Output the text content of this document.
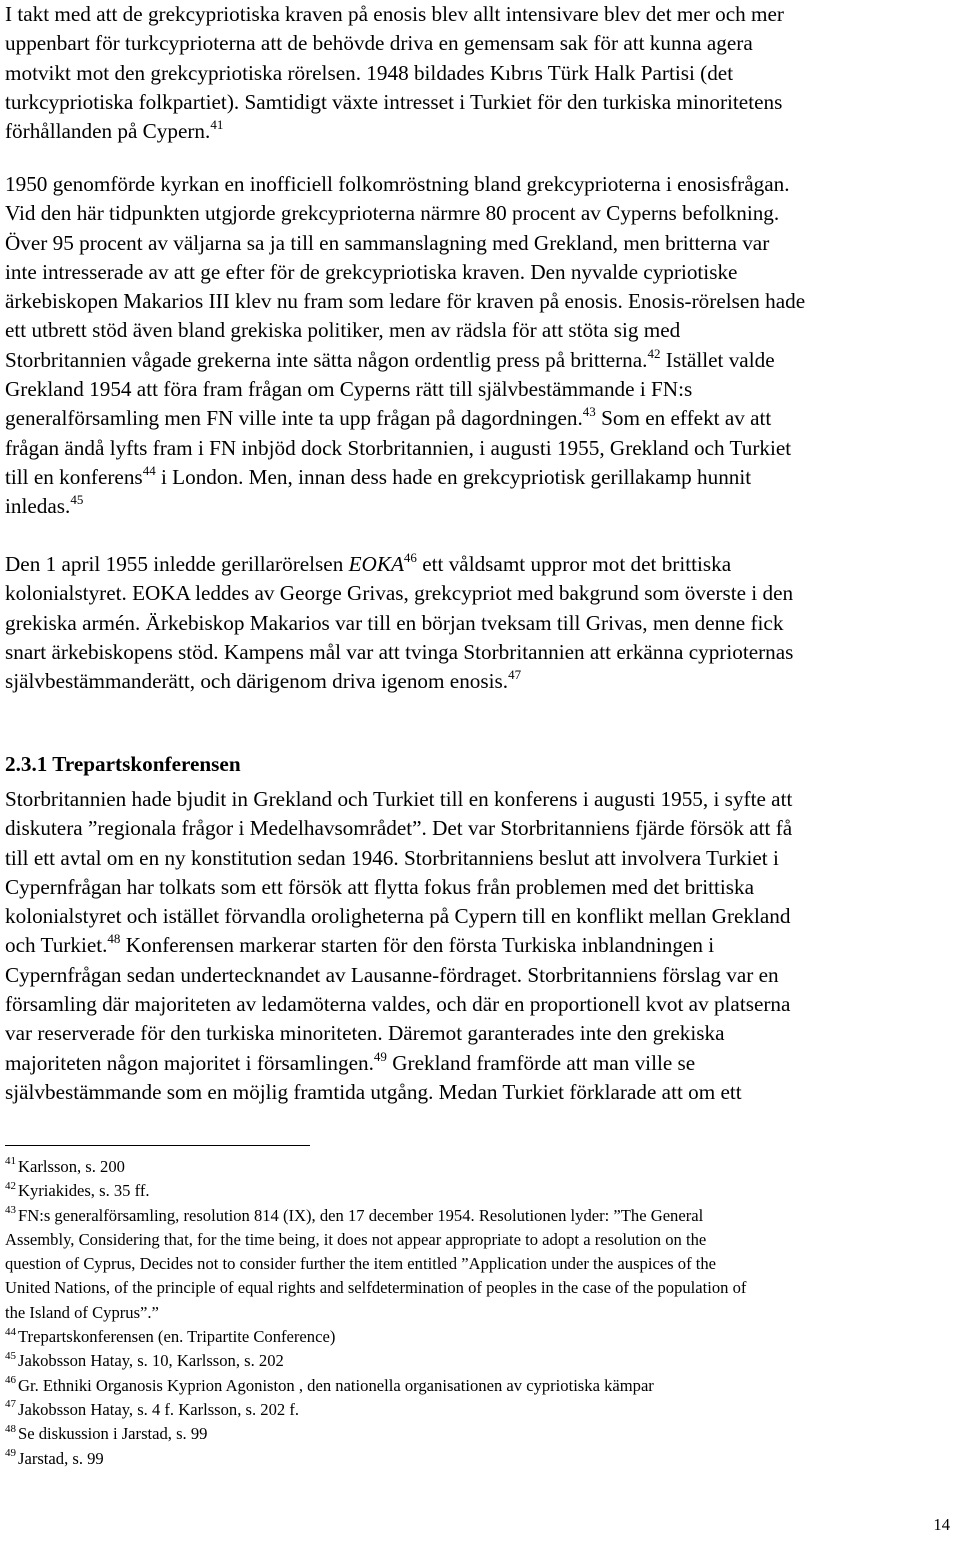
I takt med att de grekcypriotiska kraven på enosis blev allt intensivare blev det mer och mer
uppenbart för turkcyprioterna att de behövde driva en gemensam sak för att kunna agera
motvikt mot den grekcypriotiska rörelsen. 1948 bildades Kıbrıs Türk Halk Partisi (det
turkcypriotiska folkpartiet). Samtidigt växte intresset i Turkiet för den turkiska minoritetens
förhållanden på Cypern.$^{41}$
1950 genomförde kyrkan en inofficiell folkomröstning bland grekcyprioterna i enosisfrågan.
Vid den här tidpunkten utgjorde grekcyprioterna närmre 80 procent av Cyperns befolkning.
Över 95 procent av väljarna sa ja till en sammanslagning med Grekland, men britterna var
inte intresserade av att ge efter för de grekcypriotiska kraven. Den nyvalde cypriotiske
ärkebiskopen Makarios III klev nu fram som ledare för kraven på enosis. Enosis-rörelsen hade
ett utbrett stöd även bland grekiska politiker, men av rädsla för att stöta sig med
Storbritannien vågade grekerna inte sätta någon ordentlig press på britterna.$^{42}$ Istället valde
Grekland 1954 att föra fram frågan om Cyperns rätt till självbestämmande i FN:s
generalförsamling men FN ville inte ta upp frågan på dagordningen.$^{43}$ Som en effekt av att
frågan ändå lyfts fram i FN inbjöd dock Storbritannien, i augusti 1955, Grekland och Turkiet
till en konferens$^{44}$ i London. Men, innan dess hade en grekcypriotisk gerillakamp hunnit
inledas.$^{45}$
Den 1 april 1955 inledde gerillarörelsen EOKA$^{46}$ ett våldsamt uppror mot det brittiska
kolonialstyret. EOKA leddes av George Grivas, grekcypriot med bakgrund som överste i den
grekiska armén. Ärkebiskop Makarios var till en början tveksam till Grivas, men denne fick
snart ärkebiskopens stöd. Kampens mål var att tvinga Storbritannien att erkänna cyprioternas
självbestämmanderätt, och därigenom driva igenom enosis.$^{47}$
2.3.1 Trepartskonferensen
Storbritannien hade bjudit in Grekland och Turkiet till en konferens i augusti 1955, i syfte att
diskutera ”regionala frågor i Medelhavsområdet”. Det var Storbritanniens fjärde försök att få
till ett avtal om en ny konstitution sedan 1946. Storbritanniens beslut att involvera Turkiet i
Cypernfrågan har tolkats som ett försök att flytta fokus från problemen med det brittiska
kolonialstyret och istället förvandla oroligheterna på Cypern till en konflikt mellan Grekland
och Turkiet.$^{48}$ Konferensen markerar starten för den första Turkiska inblandningen i
Cypernfrågan sedan undertecknandet av Lausanne-fördraget. Storbritanniens förslag var en
församling där majoriteten av ledamöterna valdes, och där en proportionell kvot av platserna
var reserverade för den turkiska minoriteten. Däremot garanterades inte den grekiska
majoriteten någon majoritet i församlingen.$^{49}$ Grekland framförde att man ville se
självbestämmande som en möjlig framtida utgång. Medan Turkiet förklarade att om ett
$^{41}$ Karlsson, s. 200
$^{42}$ Kyriakides, s. 35 ff.
$^{43}$ FN:s generalförsamling, resolution 814 (IX), den 17 december 1954. Resolutionen lyder: ”The General
Assembly, Considering that, for the time being, it does not appear appropriate to adopt a resolution on the
question of Cyprus, Decides not to consider further the item entitled ”Application under the auspices of the
United Nations, of the principle of equal rights and selfdetermination of peoples in the case of the population of
the Island of Cyprus”.”
$^{44}$ Trepartskonferensen (en. Tripartite Conference)
$^{45}$ Jakobsson Hatay, s. 10, Karlsson, s. 202
$^{46}$ Gr. Ethniki Organosis Kyprion Agoniston , den nationella organisationen av cypriotiska kämpar
$^{47}$ Jakobsson Hatay, s. 4 f. Karlsson, s. 202 f.
$^{48}$ Se diskussion i Jarstad, s. 99
$^{49}$ Jarstad, s. 99
14
